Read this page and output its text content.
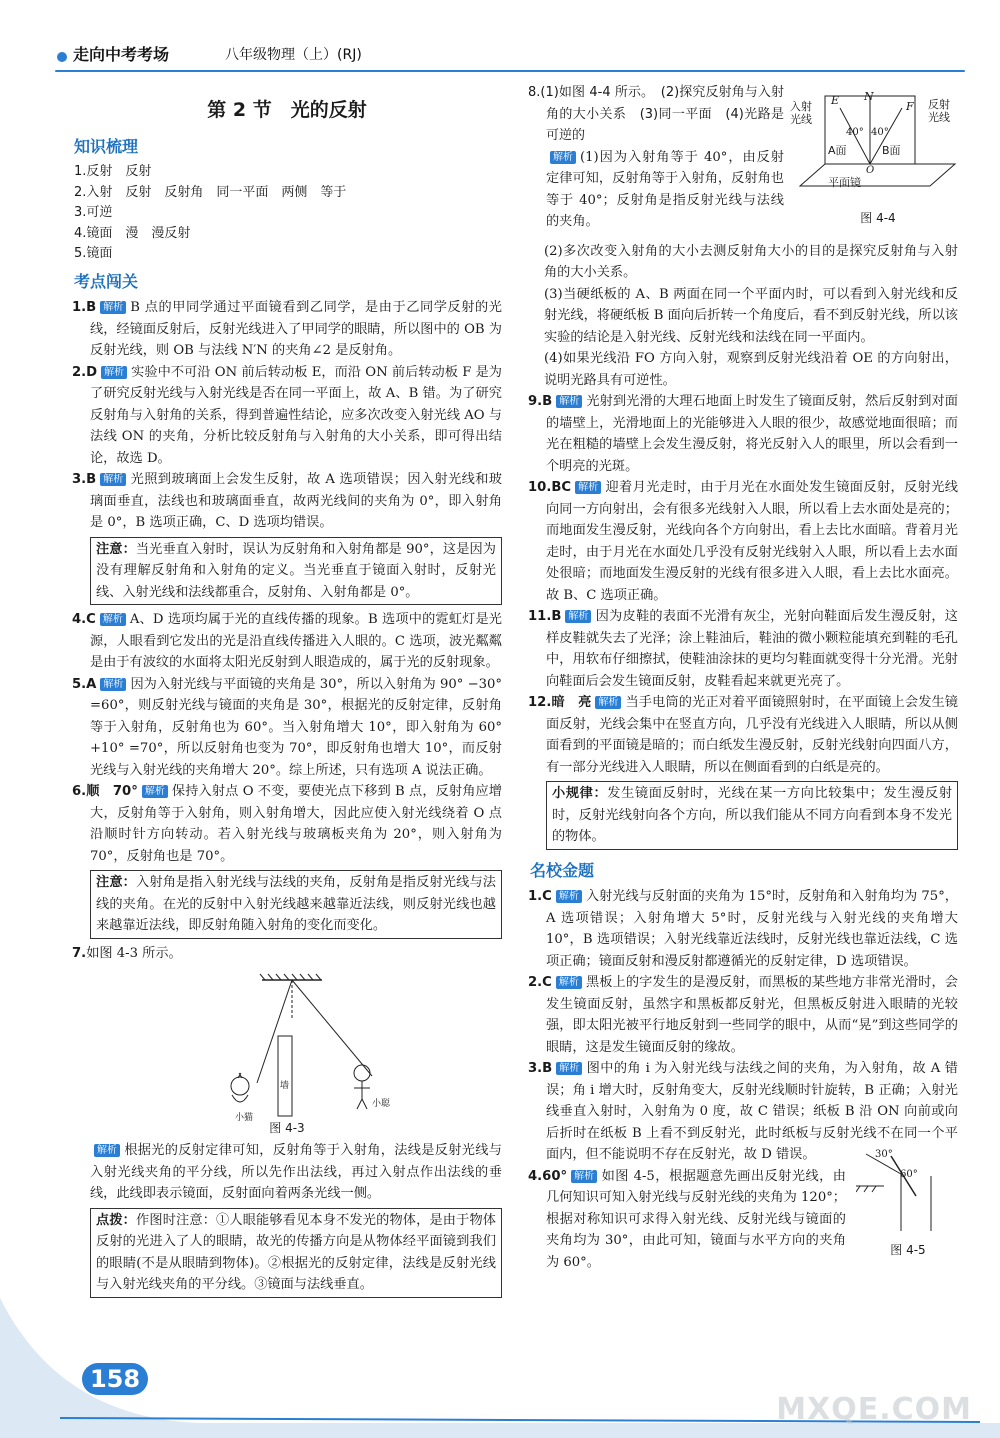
走向中考考场	八年级物理（上）(RJ)
第 2 节　光的反射
知识梳理
1.反射　反射
2.入射　反射　反射角　同一平面　两侧　等于
3.可逆
4.镜面　漫　漫反射
5.镜面
考点闯关
1.B 解析 B 点的甲同学通过平面镜看到乙同学，是由于乙同学反射的光线，经镜面反射后，反射光线进入了甲同学的眼睛，所以图中的 OB 为反射光线，则 OB 与法线 N′N 的夹角∠2 是反射角。
2.D 解析 实验中不可沿 ON 前后转动板 E，而沿 ON 前后转动板 F 是为了研究反射光线与入射光线是否在同一平面上，故 A、B 错。为了研究反射角与入射角的关系，得到普遍性结论，应多次改变入射光线 AO 与法线 ON 的夹角，分析比较反射角与入射角的大小关系，即可得出结论，故选 D。
3.B 解析 光照到玻璃面上会发生反射，故 A 选项错误；因入射光线和玻璃面垂直，法线也和玻璃面垂直，故两光线间的夹角为 0°，即入射角是 0°，B 选项正确，C、D 选项均错误。
注意：当光垂直入射时，误认为反射角和入射角都是 90°，这是因为没有理解反射角和入射角的定义。当光垂直于镜面入射时，反射光线、入射光线和法线都重合，反射角、入射角都是 0°。
4.C 解析 A、D 选项均属于光的直线传播的现象。B 选项中的霓虹灯是光源，人眼看到它发出的光是沿直线传播进入人眼的。C 选项，波光粼粼是由于有波纹的水面将太阳光反射到人眼造成的，属于光的反射现象。
5.A 解析 因为入射光线与平面镜的夹角是 30°，所以入射角为 90° −30° =60°，则反射光线与镜面的夹角是 30°，根据光的反射定律，反射角等于入射角，反射角也为 60°。当入射角增大 10°，即入射角为 60° +10° =70°，所以反射角也变为 70°，即反射角也增大 10°，而反射光线与入射光线的夹角增大 20°。综上所述，只有选项 A 说法正确。
6.顺　70° 解析 保持入射点 O 不变，要使光点下移到 B 点，反射角应增大，反射角等于入射角，则入射角增大，因此应使入射光线绕着 O 点沿顺时针方向转动。若入射光线与玻璃板夹角为 20°，则入射角为 70°，反射角也是 70°。
注意：入射角是指入射光线与法线的夹角，反射角是指反射光线与法线的夹角。在光的反射中入射光线越来越靠近法线，则反射光线也越来越靠近法线，即反射角随入射角的变化而变化。
7.如图 4-3 所示。
墙
小猫
小聪
图 4-3
解析 根据光的反射定律可知，反射角等于入射角，法线是反射光线与入射光线夹角的平分线，所以先作出法线，再过入射点作出法线的垂线，此线即表示镜面，反射面向着两条光线一侧。
点拨：作图时注意：①人眼能够看见本身不发光的物体，是由于物体反射的光进入了人的眼睛，故光的传播方向是从物体经平面镜到我们的眼睛(不是从眼睛到物体)。②根据光的反射定律，法线是反射光线与入射光线夹角的平分线。③镜面与法线垂直。
入射光线
反射光线
E N
F
40° 40°
A面	B面
O
平面镜
图 4-4
8.(1)如图 4-4 所示。　(2)探究反射角与入射角的大小关系　(3)同一平面　(4)光路是可逆的
解析 (1)因为入射角等于 40°，由反射定律可知，反射角等于入射角，反射角也等于 40°；反射角是指反射光线与法线的夹角。
(2)多次改变入射角的大小去测反射角大小的目的是探究反射角与入射角的大小关系。
(3)当硬纸板的 A、B 两面在同一个平面内时，可以看到入射光线和反射光线，将硬纸板 B 面向后折转一个角度后，看不到反射光线，所以该实验的结论是入射光线、反射光线和法线在同一平面内。
(4)如果光线沿 FO 方向入射，观察到反射光线沿着 OE 的方向射出，说明光路具有可逆性。
9.B 解析 光射到光滑的大理石地面上时发生了镜面反射，然后反射到对面的墙壁上，光滑地面上的光能够进入人眼的很少，故感觉地面很暗；而光在粗糙的墙壁上会发生漫反射，将光反射入人的眼里，所以会看到一个明亮的光斑。
10.BC 解析 迎着月光走时，由于月光在水面处发生镜面反射，反射光线向同一方向射出，会有很多光线射入人眼，所以看上去水面处是亮的；而地面发生漫反射，光线向各个方向射出，看上去比水面暗。背着月光走时，由于月光在水面处几乎没有反射光线射入人眼，所以看上去水面处很暗；而地面发生漫反射的光线有很多进入人眼，看上去比水面亮。故 B、C 选项正确。
11.B 解析 因为皮鞋的表面不光滑有灰尘，光射向鞋面后发生漫反射，这样皮鞋就失去了光泽；涂上鞋油后，鞋油的微小颗粒能填充到鞋的毛孔中，用软布仔细擦拭，使鞋油涂抹的更均匀鞋面就变得十分光滑。光射向鞋面后会发生镜面反射，皮鞋看起来就更光亮了。
12.暗　亮 解析 当手电筒的光正对着平面镜照射时，在平面镜上会发生镜面反射，光线会集中在竖直方向，几乎没有光线进入人眼睛，所以从侧面看到的平面镜是暗的；而白纸发生漫反射，反射光线射向四面八方，有一部分光线进入人眼睛，所以在侧面看到的白纸是亮的。
小规律：发生镜面反射时，光线在某一方向比较集中；发生漫反射时，反射光线射向各个方向，所以我们能从不同方向看到本身不发光的物体。
名校金题
1.C 解析 入射光线与反射面的夹角为 15°时，反射角和入射角均为 75°，A 选项错误；入射角增大 5°时，反射光线与入射光线的夹角增大 10°，B 选项错误；入射光线靠近法线时，反射光线也靠近法线，C 选项正确；镜面反射和漫反射都遵循光的反射定律，D 选项错误。
2.C 解析 黑板上的字发生的是漫反射，而黑板的某些地方非常光滑时，会发生镜面反射，虽然字和黑板都反射光，但黑板反射进入眼睛的光较强，即太阳光被平行地反射到一些同学的眼中，从而“晃”到这些同学的眼睛，这是发生镜面反射的缘故。
3.B 解析 图中的角 i 为入射光线与法线之间的夹角，为入射角，故 A 错误；角 i 增大时，反射角变大，反射光线顺时针旋转，B 正确；入射光线垂直入射时，入射角为 0 度，故 C 错误；纸板 B 沿 ON 向前或向后折时在纸板 B 上看不到反射光，此时纸板与反射光线不在同一个平面内，但不能说明不存在反射光，故 D 错误。
4.60° 解析 如图 4-5，根据题意先画出反射光线，由几何知识可知入射光线与反射光线的夹角为 120°；根据对称知识可求得入射光线、反射光线与镜面的夹角均为 30°，由此可知，镜面与水平方向的夹角为 60°。
30°
60°
图 4-5
158
MXQE.COM
